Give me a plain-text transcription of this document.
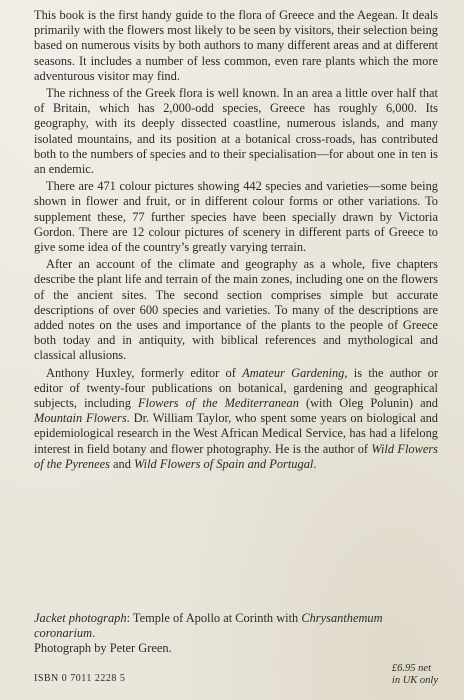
This book is the first handy guide to the flora of Greece and the Aegean. It deals primarily with the flowers most likely to be seen by visitors, their selection being based on numerous visits by both authors to many different areas and at different seasons. It includes a number of less common, even rare plants which the more adventurous visitor may find.

The richness of the Greek flora is well known. In an area a little over half that of Britain, which has 2,000-odd species, Greece has roughly 6,000. Its geography, with its deeply dissected coastline, numerous islands, and many isolated mountains, and its position at a botanical cross-roads, has contributed both to the numbers of species and to their specialisation—for about one in ten is an endemic.

There are 471 colour pictures showing 442 species and varieties—some being shown in flower and fruit, or in different colour forms or other variations. To supplement these, 77 further species have been specially drawn by Victoria Gordon. There are 12 colour pictures of scenery in different parts of Greece to give some idea of the country’s greatly varying terrain.

After an account of the climate and geography as a whole, five chapters describe the plant life and terrain of the main zones, including one on the flowers of the ancient sites. The second section comprises simple but accurate descriptions of over 600 species and varieties. To many of the descriptions are added notes on the uses and importance of the plants to the people of Greece both today and in antiquity, with biblical references and mythological and classical allusions.

Anthony Huxley, formerly editor of Amateur Gardening, is the author or editor of twenty-four publications on botanical, gardening and geographical subjects, including Flowers of the Mediterranean (with Oleg Polunin) and Mountain Flowers. Dr. William Taylor, who spent some years on biological and epidemiological research in the West African Medical Service, has had a lifelong interest in field botany and flower photography. He is the author of Wild Flowers of the Pyrenees and Wild Flowers of Spain and Portugal.

Jacket photograph: Temple of Apollo at Corinth with Chrysanthemum coronarium.

Photograph by Peter Green.

ISBN 0 7011 2228 5
£6.95 net
in UK only
